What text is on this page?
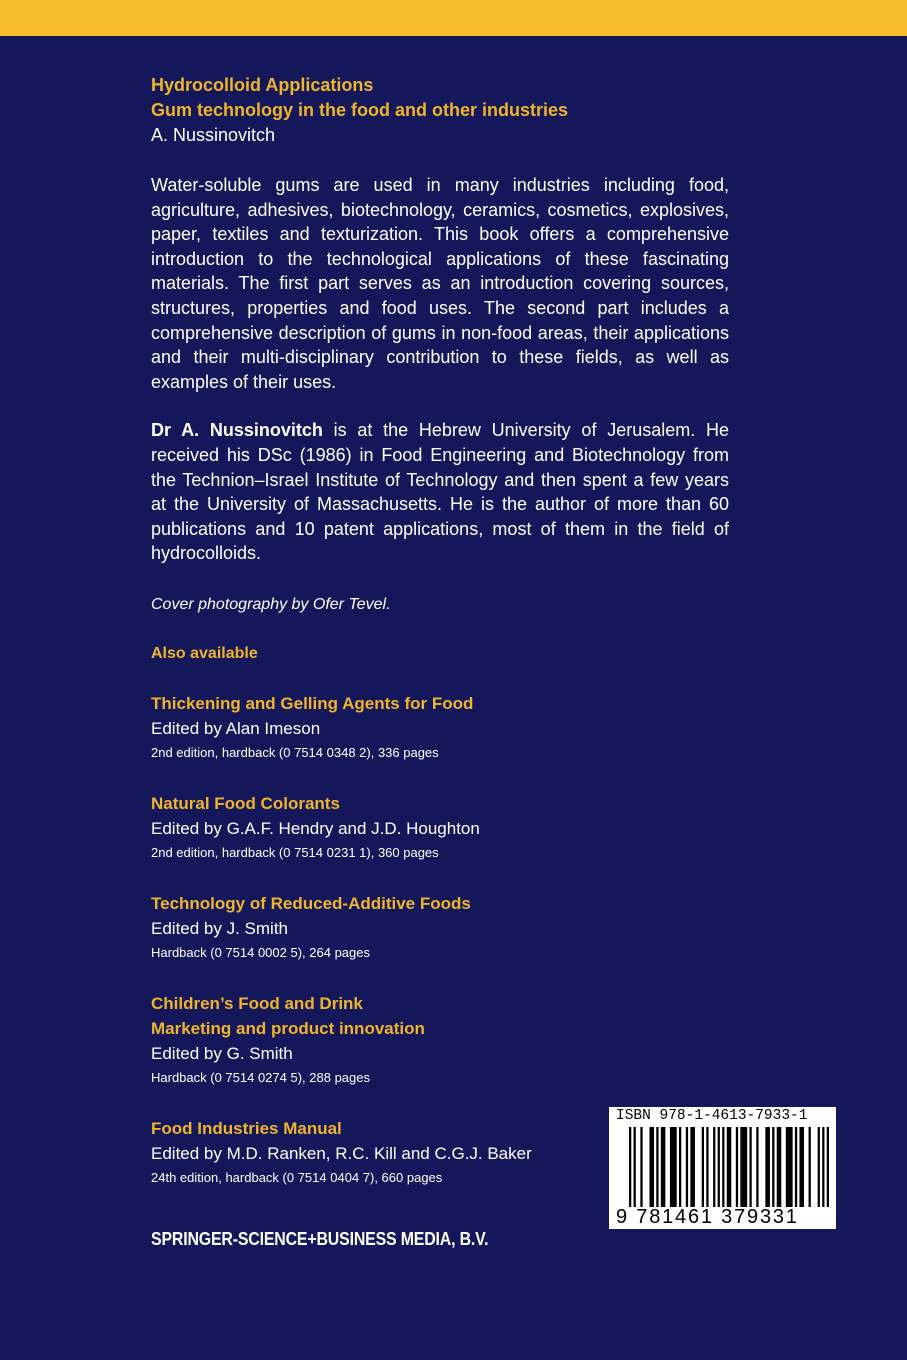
Hydrocolloid Applications
Gum technology in the food and other industries
A. Nussinovitch

Water-soluble gums are used in many industries including food, agriculture, adhesives, biotechnology, ceramics, cosmetics, explosives, paper, textiles and texturization. This book offers a comprehensive introduction to the technological applications of these fascinating materials. The first part serves as an introduction covering sources, structures, properties and food uses. The second part includes a comprehensive description of gums in non-food areas, their applications and their multi-disciplinary contribution to these fields, as well as examples of their uses.

Dr A. Nussinovitch is at the Hebrew University of Jerusalem. He received his DSc (1986) in Food Engineering and Biotechnology from the Technion–Israel Institute of Technology and then spent a few years at the University of Massachusetts. He is the author of more than 60 publications and 10 patent applications, most of them in the field of hydrocolloids.

Cover photography by Ofer Tevel.
Also available
Thickening and Gelling Agents for Food
Edited by Alan Imeson
2nd edition, hardback (0 7514 0348 2), 336 pages
Natural Food Colorants
Edited by G.A.F. Hendry and J.D. Houghton
2nd edition, hardback (0 7514 0231 1), 360 pages
Technology of Reduced-Additive Foods
Edited by J. Smith
Hardback (0 7514 0002 5), 264 pages
Children’s Food and Drink
Marketing and product innovation
Edited by G. Smith
Hardback (0 7514 0274 5), 288 pages
Food Industries Manual
Edited by M.D. Ranken, R.C. Kill and C.G.J. Baker
24th edition, hardback (0 7514 0404 7), 660 pages
SPRINGER-SCIENCE+BUSINESS MEDIA, B.V.
ISBN 978-1-4613-7933-1
9 781461 379331
